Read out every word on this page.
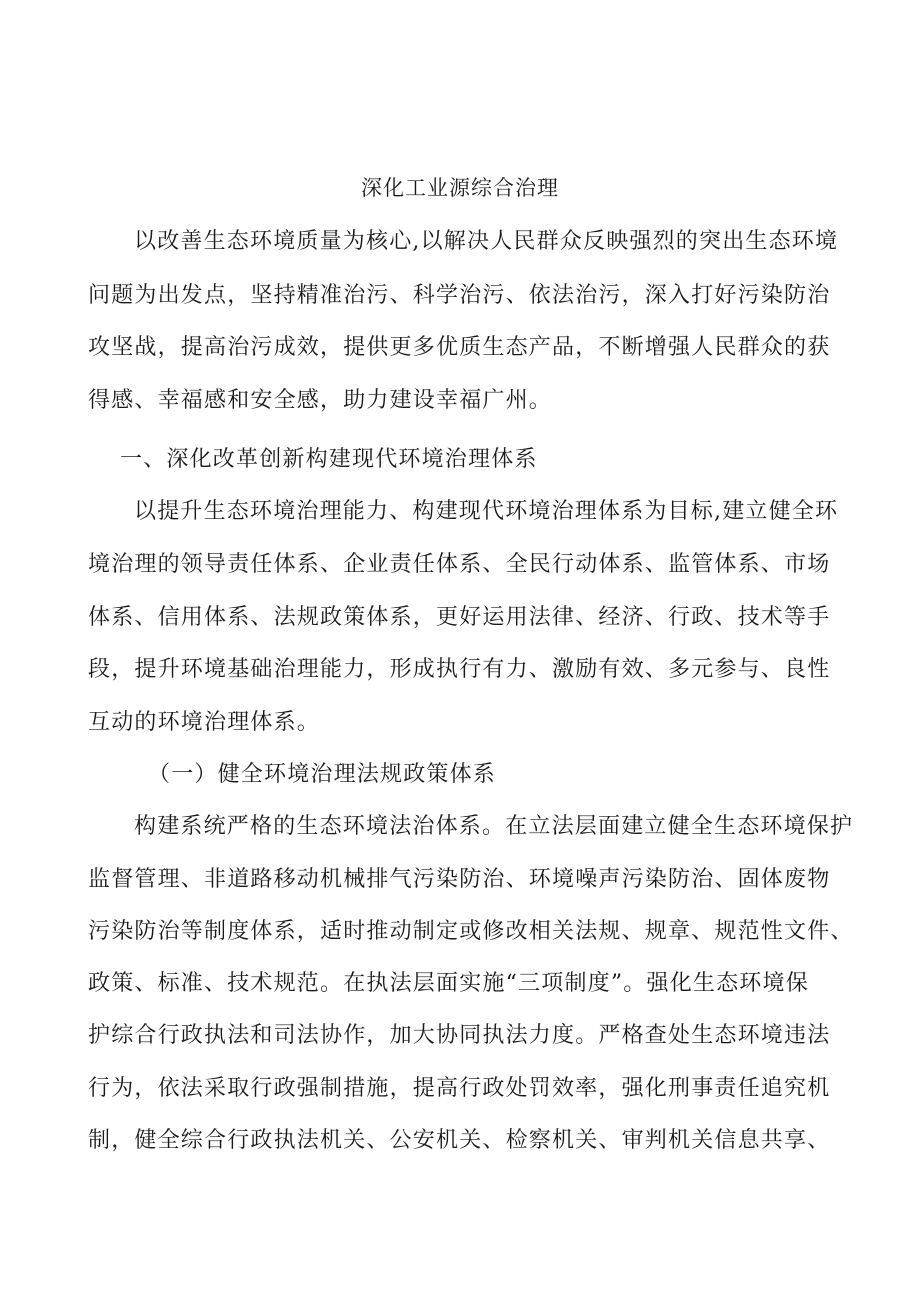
深化工业源综合治理
以改善生态环境质量为核心,以解决人民群众反映强烈的突出生态环境
问题为出发点，坚持精准治污、科学治污、依法治污，深入打好污染防治
攻坚战，提高治污成效，提供更多优质生态产品，不断增强人民群众的获
得感、幸福感和安全感，助力建设幸福广州。
一、深化改革创新构建现代环境治理体系
以提升生态环境治理能力、构建现代环境治理体系为目标,建立健全环
境治理的领导责任体系、企业责任体系、全民行动体系、监管体系、市场
体系、信用体系、法规政策体系，更好运用法律、经济、行政、技术等手
段，提升环境基础治理能力，形成执行有力、激励有效、多元参与、良性
互动的环境治理体系。
（一）健全环境治理法规政策体系
构建系统严格的生态环境法治体系。在立法层面建立健全生态环境保护
监督管理、非道路移动机械排气污染防治、环境噪声污染防治、固体废物
污染防治等制度体系，适时推动制定或修改相关法规、规章、规范性文件、
政策、标准、技术规范。在执法层面实施“三项制度”。强化生态环境保
护综合行政执法和司法协作，加大协同执法力度。严格查处生态环境违法
行为，依法采取行政强制措施，提高行政处罚效率，强化刑事责任追究机
制，健全综合行政执法机关、公安机关、检察机关、审判机关信息共享、
